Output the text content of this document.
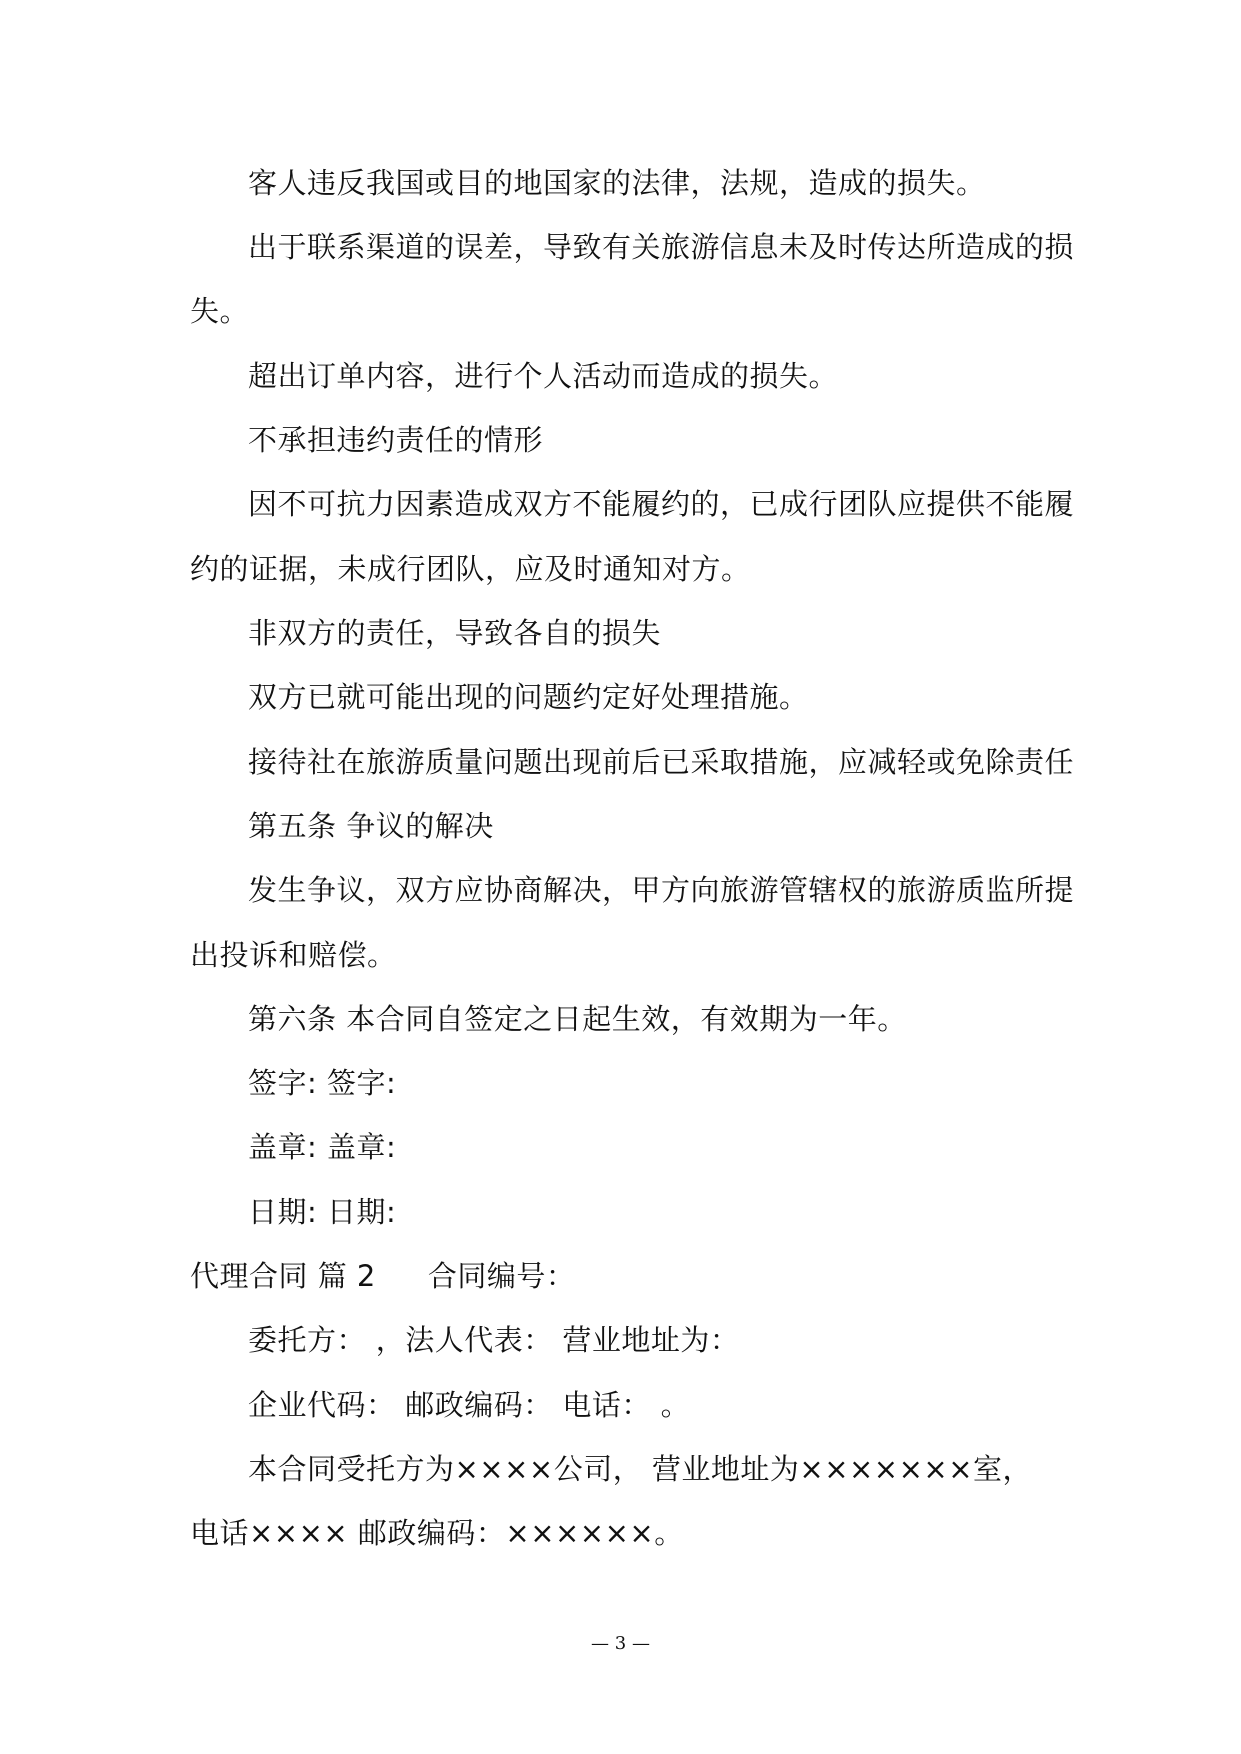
客人违反我国或目的地国家的法律，法规，造成的损失。
出于联系渠道的误差，导致有关旅游信息未及时传达所造成的损
失。
超出订单内容，进行个人活动而造成的损失。
不承担违约责任的情形
因不可抗力因素造成双方不能履约的，已成行团队应提供不能履
约的证据，未成行团队，应及时通知对方。
非双方的责任，导致各自的损失
双方已就可能出现的问题约定好处理措施。
接待社在旅游质量问题出现前后已采取措施，应减轻或免除责任
第五条 争议的解决
发生争议，双方应协商解决，甲方向旅游管辖权的旅游质监所提
出投诉和赔偿。
第六条 本合同自签定之日起生效，有效期为一年。
签字: 签字:
盖章: 盖章:
日期: 日期:
代理合同 篇 2 合同编号：
委托方： ，法人代表： 营业地址为：
企业代码： 邮政编码： 电话： 。
本合同受托方为××××公司， 营业地址为×××××××室，
电话×××× 邮政编码：××××××。
— 3 —
